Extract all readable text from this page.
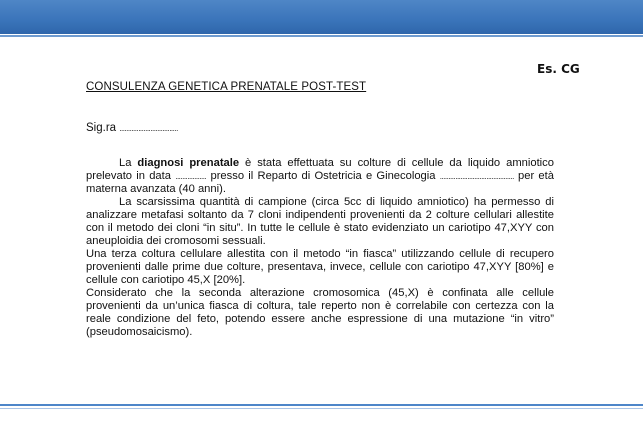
Es. CG
CONSULENZA GENETICA PRENATALE POST-TEST
Sig.ra ..................................

La diagnosi prenatale è stata effettuata su colture di cellule da liquido amniotico prelevato in data .................. presso il Reparto di Ostetricia e Ginecologia ........................................... per età materna avanzata (40 anni).

La scarsissima quantità di campione (circa 5cc di liquido amniotico) ha permesso di analizzare metafasi soltanto da 7 cloni indipendenti provenienti da 2 colture cellulari allestite con il metodo dei cloni “in situ”. In tutte le cellule è stato evidenziato un cariotipo 47,XYY con aneuploidia dei cromosomi sessuali.

Una terza coltura cellulare allestita con il metodo “in fiasca” utilizzando cellule di recupero provenienti dalle prime due colture, presentava, invece, cellule con cariotipo 47,XYY [80%] e cellule con cariotipo 45,X [20%].

Considerato che la seconda alterazione cromosomica (45,X) è confinata alle cellule provenienti da un’unica fiasca di coltura, tale reperto non è correlabile con certezza con la reale condizione del feto, potendo essere anche espressione di una mutazione “in vitro” (pseudomosaicismo).
